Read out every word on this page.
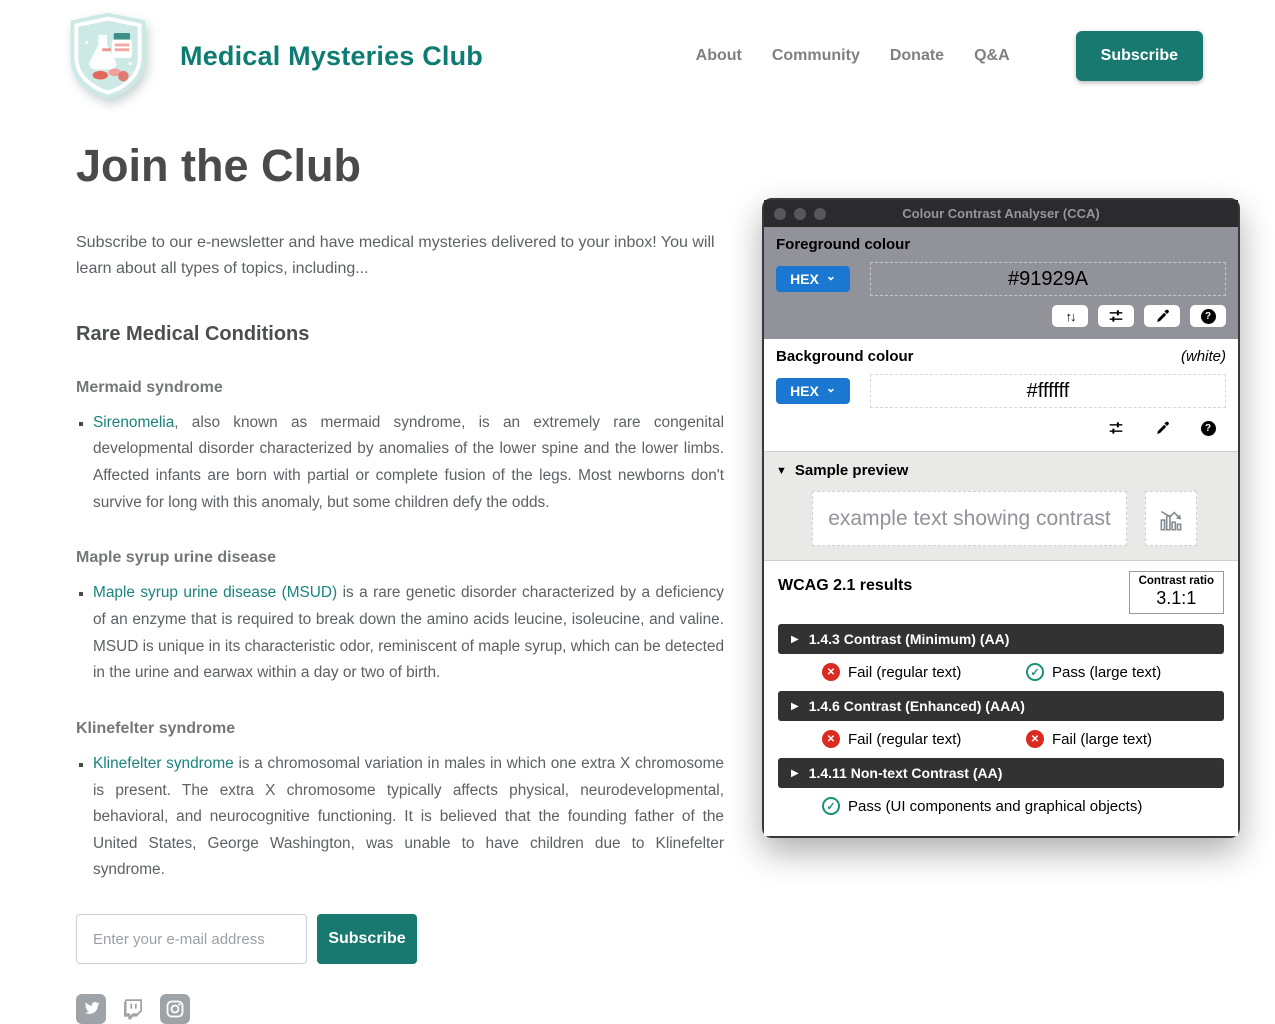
Medical Mysteries Club	About Community Donate Q&A	Subscribe
Join the Club

Subscribe to our e-newsletter and have medical mysteries delivered to your inbox! You will learn about all types of topics, including...

Rare Medical Conditions
Mermaid syndrome
▪ Sirenomelia, also known as mermaid syndrome, is an extremely rare congenital developmental disorder characterized by anomalies of the lower spine and the lower limbs. Affected infants are born with partial or complete fusion of the legs. Most newborns don't survive for long with this anomaly, but some children defy the odds.
Maple syrup urine disease
▪ Maple syrup urine disease (MSUD) is a rare genetic disorder characterized by a deficiency of an enzyme that is required to break down the amino acids leucine, isoleucine, and valine. MSUD is unique in its characteristic odor, reminiscent of maple syrup, which can be detected in the urine and earwax within a day or two of birth.
Klinefelter syndrome
▪ Klinefelter syndrome is a chromosomal variation in males in which one extra X chromosome is present. The extra X chromosome typically affects physical, neurodevelopmental, behavioral, and neurocognitive functioning. It is believed that the founding father of the United States, George Washington, was unable to have children due to Klinefelter syndrome.
Enter your e-mail address
Subscribe
Colour Contrast Analyser (CCA)
Foreground colour
HEX ⌄
#91929A
↑↓	?
Background colour	(white)
HEX ⌄
#ffffff
?
▼ Sample preview
example text showing contrast
WCAG 2.1 results	Contrast ratio
3.1:1
▶ 1.4.3 Contrast (Minimum) (AA)
✕ Fail (regular text)	✓ Pass (large text)
▶ 1.4.6 Contrast (Enhanced) (AAA)
✕ Fail (regular text)	✕ Fail (large text)
▶ 1.4.11 Non-text Contrast (AA)
✓ Pass (UI components and graphical objects)
